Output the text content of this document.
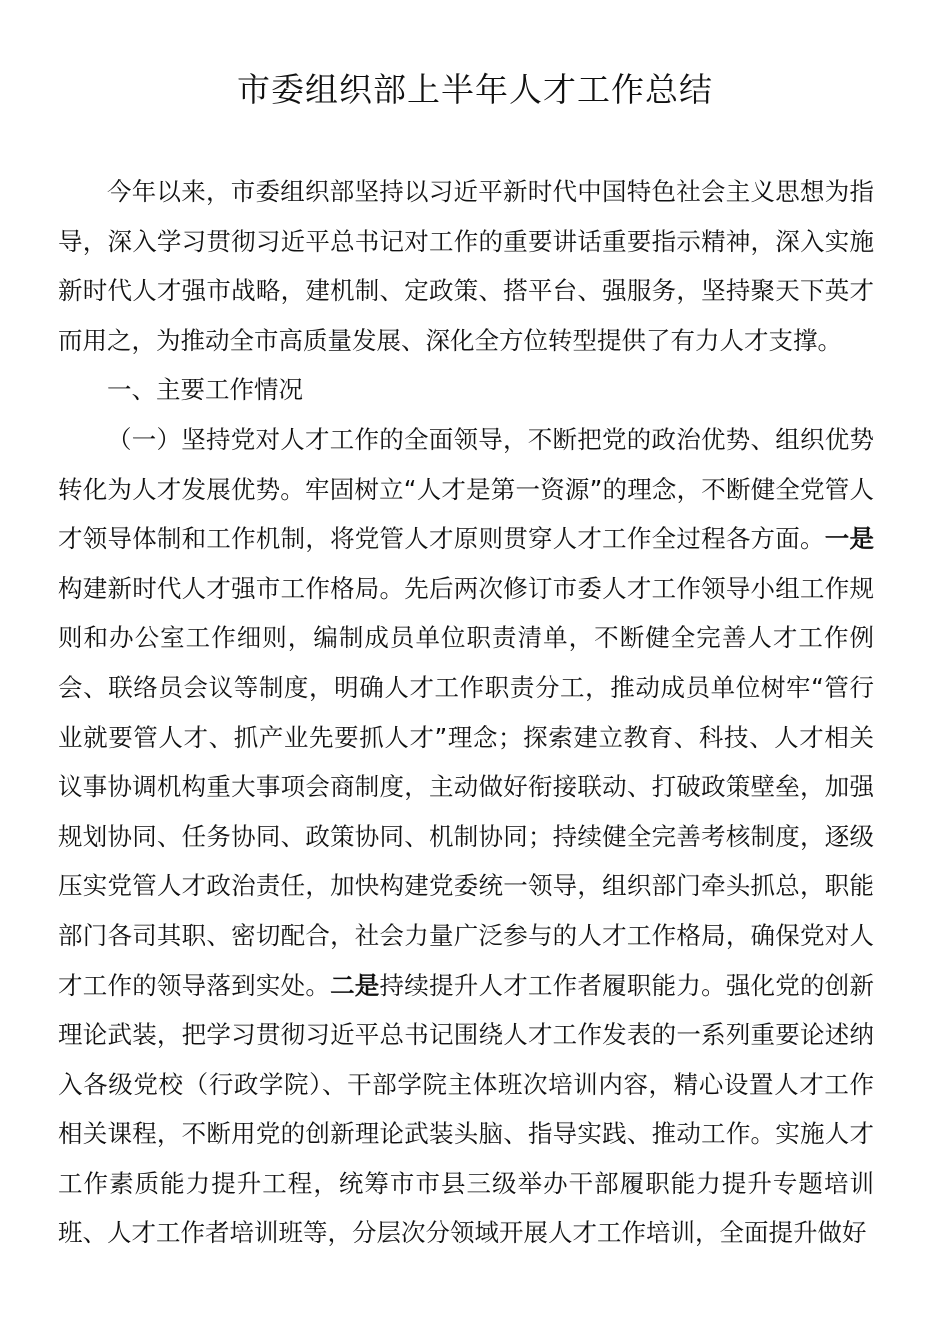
市委组织部上半年人才工作总结

今年以来，市委组织部坚持以习近平新时代中国特色社会主义思想为指导，深入学习贯彻习近平总书记对工作的重要讲话重要指示精神，深入实施新时代人才强市战略，建机制、定政策、搭平台、强服务，坚持聚天下英才而用之，为推动全市高质量发展、深化全方位转型提供了有力人才支撑。

一、主要工作情况

（一）坚持党对人才工作的全面领导，不断把党的政治优势、组织优势转化为人才发展优势。牢固树立“人才是第一资源”的理念，不断健全党管人才领导体制和工作机制，将党管人才原则贯穿人才工作全过程各方面。一是构建新时代人才强市工作格局。先后两次修订市委人才工作领导小组工作规则和办公室工作细则，编制成员单位职责清单，不断健全完善人才工作例会、联络员会议等制度，明确人才工作职责分工，推动成员单位树牢“管行业就要管人才、抓产业先要抓人才”理念；探索建立教育、科技、人才相关议事协调机构重大事项会商制度，主动做好衔接联动、打破政策壁垒，加强规划协同、任务协同、政策协同、机制协同；持续健全完善考核制度，逐级压实党管人才政治责任，加快构建党委统一领导，组织部门牵头抓总，职能部门各司其职、密切配合，社会力量广泛参与的人才工作格局，确保党对人才工作的领导落到实处。二是持续提升人才工作者履职能力。强化党的创新理论武装，把学习贯彻习近平总书记围绕人才工作发表的一系列重要论述纳入各级党校（行政学院）、干部学院主体班次培训内容，精心设置人才工作相关课程，不断用党的创新理论武装头脑、指导实践、推动工作。实施人才工作素质能力提升工程，统筹市市县三级举办干部履职能力提升专题培训班、人才工作者培训班等，分层次分领域开展人才工作培训，全面提升做好
